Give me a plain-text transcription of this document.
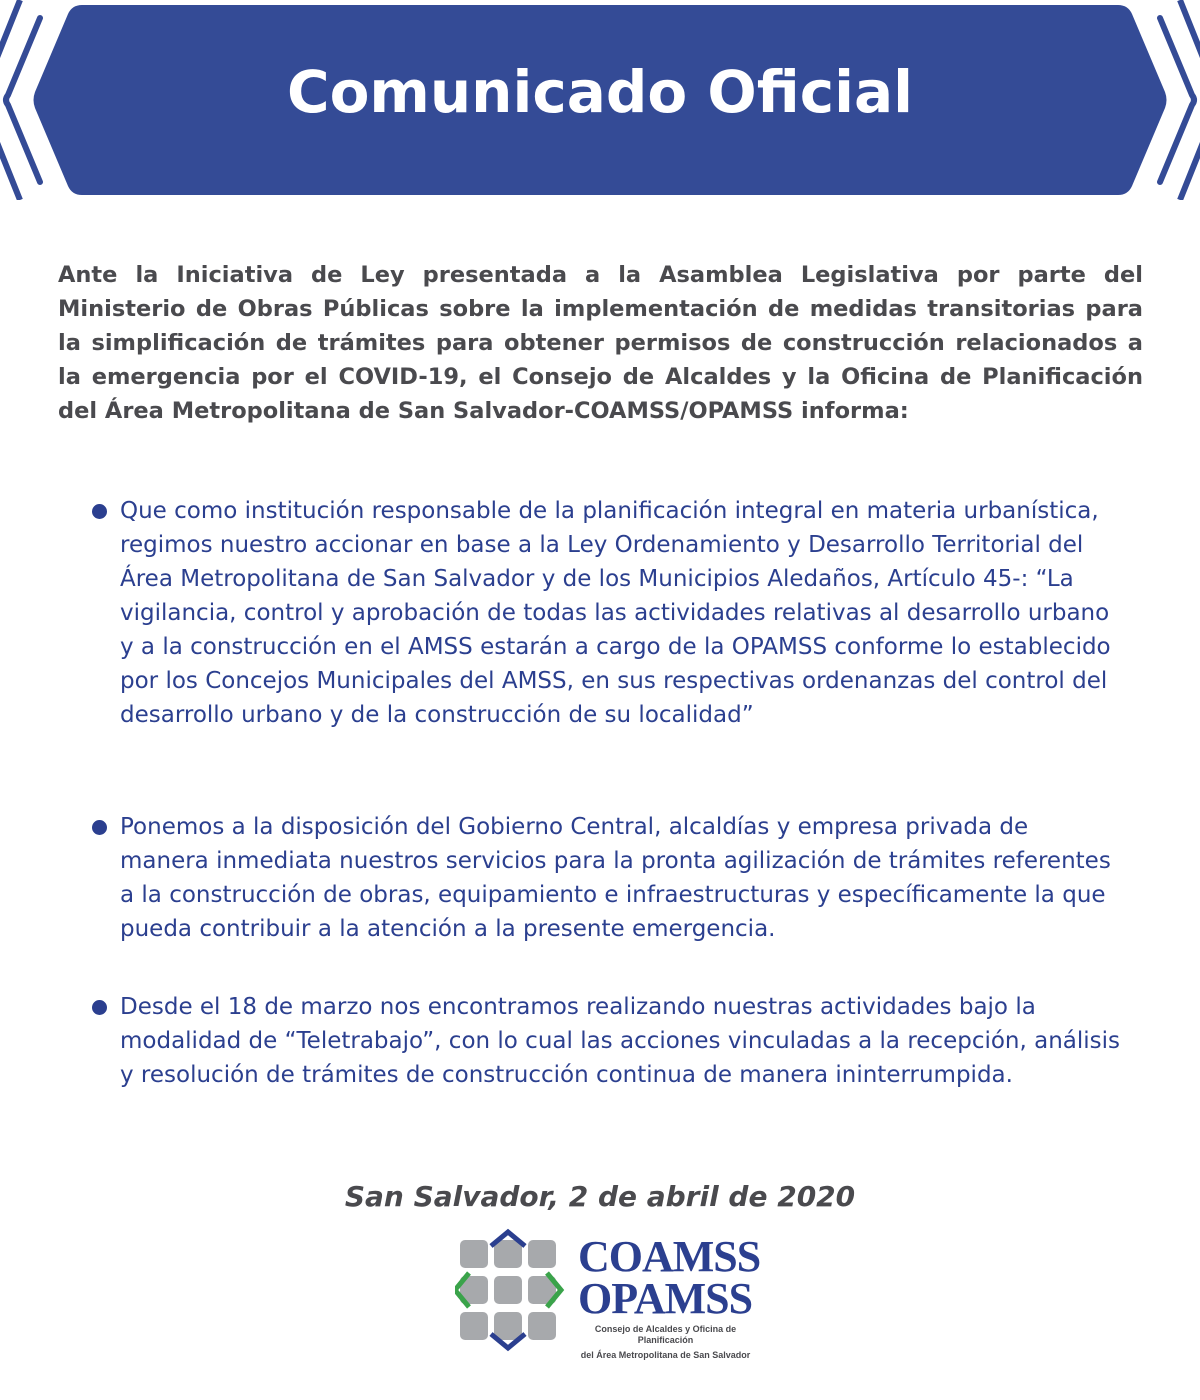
Comunicado Oficial
Ante la Iniciativa de Ley presentada a la Asamblea Legislativa por parte del Ministerio de Obras Públicas sobre la implementación de medidas transitorias para la simplificación de trámites para obtener permisos de construcción relacionados a la emergencia por el COVID-19, el Consejo de Alcaldes y la Oficina de Planificación del Área Metropolitana de San Salvador-COAMSS/OPAMSS informa:
Que como institución responsable de la planificación integral en materia urbanística, regimos nuestro accionar en base a la Ley Ordenamiento y Desarrollo Territorial del Área Metropolitana de San Salvador y de los Municipios Aledaños, Artículo 45-: “La vigilancia, control y aprobación de todas las actividades relativas al desarrollo urbano y a la construcción en el AMSS estarán a cargo de la OPAMSS conforme lo establecido por los Concejos Municipales del AMSS, en sus respectivas ordenanzas del control del desarrollo urbano y de la construcción de su localidad”
Ponemos a la disposición del Gobierno Central, alcaldías y empresa privada de manera inmediata nuestros servicios para la pronta agilización de trámites referentes a la construcción de obras, equipamiento e infraestructuras y específicamente la que pueda contribuir a la atención a la presente emergencia.
Desde el 18 de marzo nos encontramos realizando nuestras actividades bajo la modalidad de “Teletrabajo”, con lo cual las acciones vinculadas a la recepción, análisis y resolución de trámites de construcción continua de manera ininterrumpida.
San Salvador, 2 de abril de 2020
COAMSS
OPAMSS
Consejo de Alcaldes y Oficina de Planificación
del Área Metropolitana de San Salvador
